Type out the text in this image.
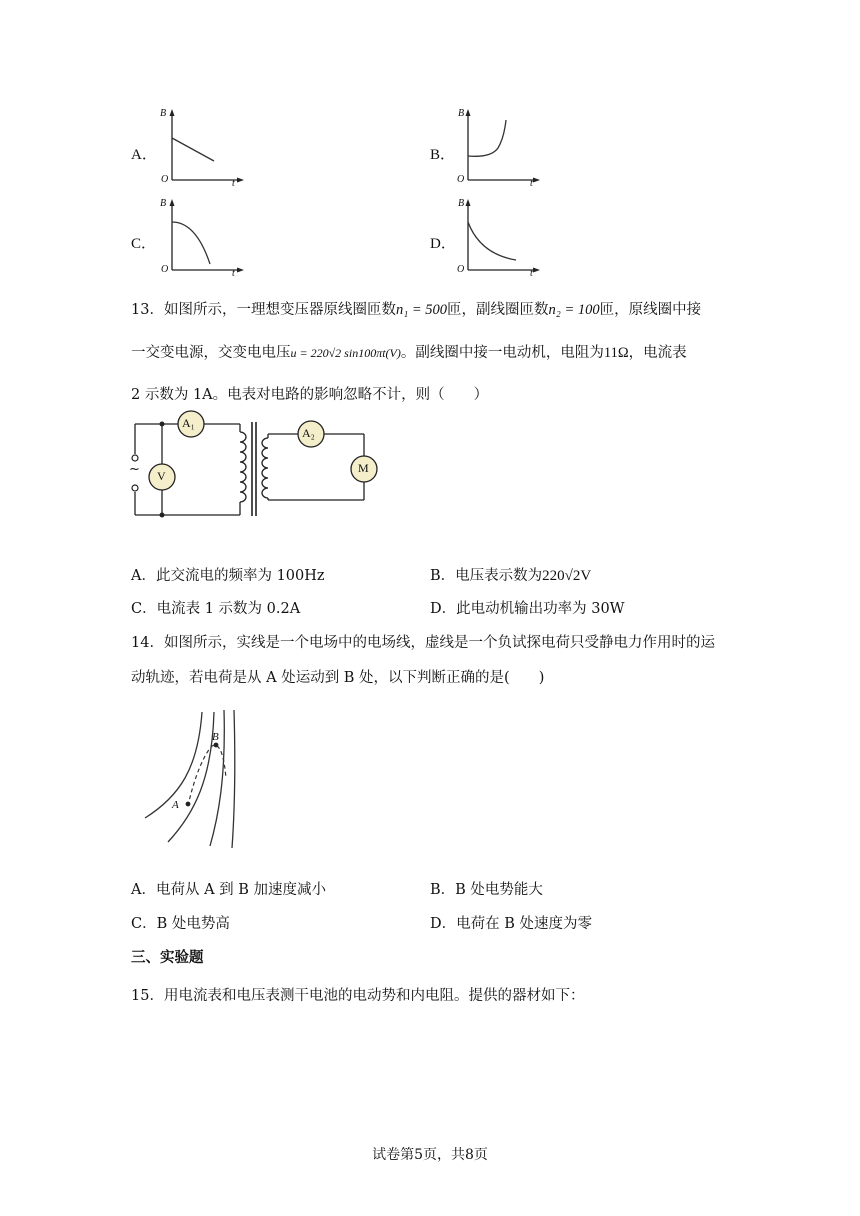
A．
B
t
O
B．
B
t
O
C．
B
t
O
D．
B
t
O
13．如图所示，一理想变压器原线圈匝数n₁ = 500匝，副线圈匝数n₂ = 100匝，原线圈中接
一交变电源，交变电电压u = 220√2 sin100πt(V)。副线圈中接一电动机，电阻为11Ω，电流表
2 示数为 1A。电表对电路的影响忽略不计，则（　　）
~
A₁
V
A₂
M
A．此交流电的频率为 100Hz	B．电压表示数为220√2V
C．电流表 1 示数为 0.2A	D．此电动机输出功率为 30W
14．如图所示，实线是一个电场中的电场线，虚线是一个负试探电荷只受静电力作用时的运
动轨迹，若电荷是从 A 处运动到 B 处，以下判断正确的是(　　)
A
B
A．电荷从 A 到 B 加速度减小	B．B 处电势能大
C．B 处电势高	D．电荷在 B 处速度为零
三、实验题
15．用电流表和电压表测干电池的电动势和内电阻。提供的器材如下：
试卷第5页，共8页
